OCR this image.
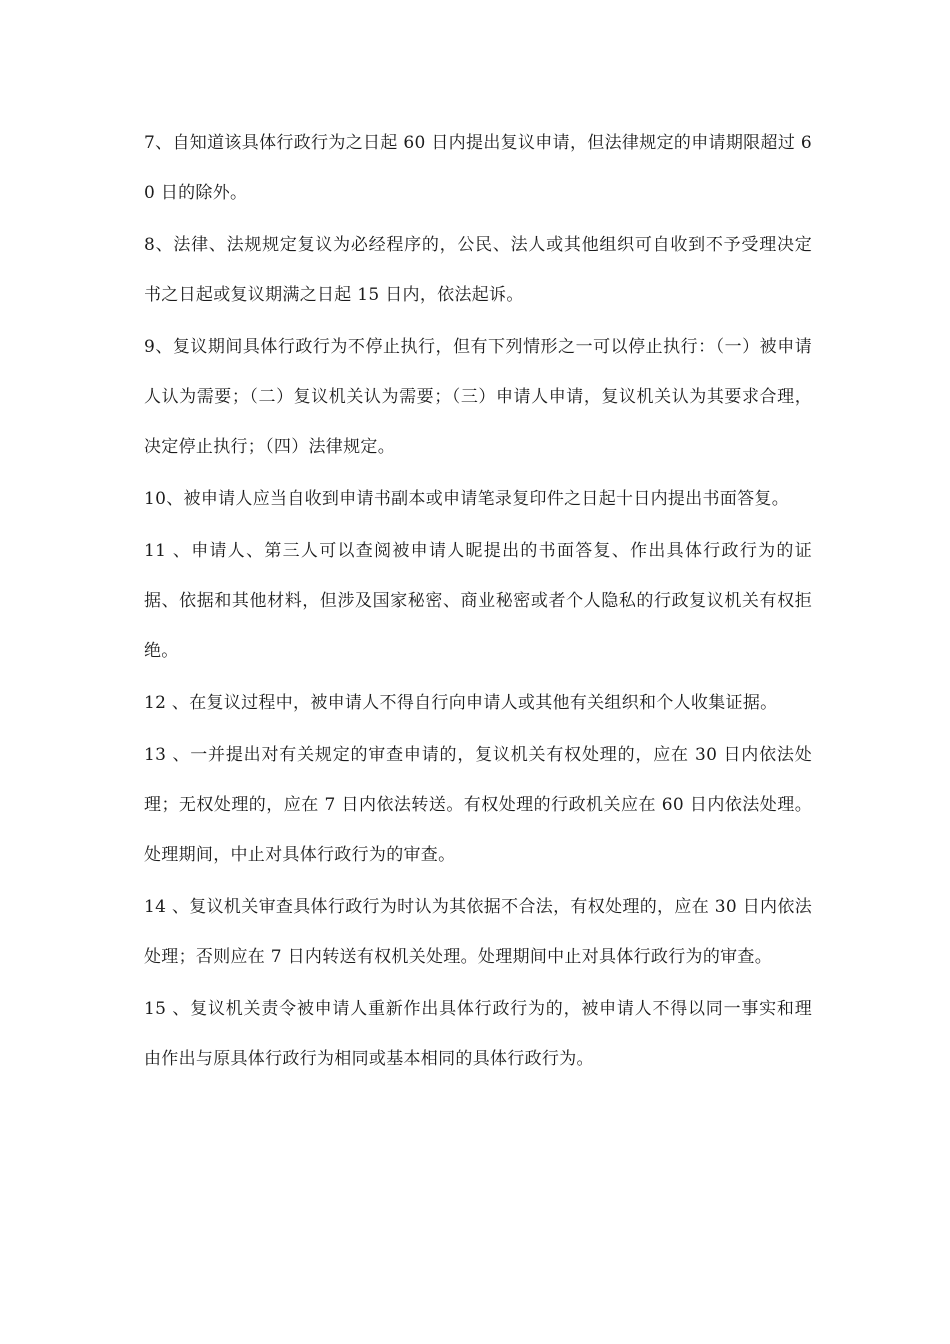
7、自知道该具体行政行为之日起 60 日内提出复议申请，但法律规定的申请期限超过 60 日的除外。

8、法律、法规规定复议为必经程序的，公民、法人或其他组织可自收到不予受理决定书之日起或复议期满之日起 15 日内，依法起诉。

9、复议期间具体行政行为不停止执行，但有下列情形之一可以停止执行：（一）被申请人认为需要；（二）复议机关认为需要；（三）申请人申请，复议机关认为其要求合理，决定停止执行；（四）法律规定。

10、被申请人应当自收到申请书副本或申请笔录复印件之日起十日内提出书面答复。

11 、申请人、第三人可以查阅被申请人昵提出的书面答复、作出具体行政行为的证据、依据和其他材料，但涉及国家秘密、商业秘密或者个人隐私的行政复议机关有权拒绝。

12 、在复议过程中，被申请人不得自行向申请人或其他有关组织和个人收集证据。

13 、一并提出对有关规定的审查申请的，复议机关有权处理的，应在 30 日内依法处理；无权处理的，应在 7 日内依法转送。有权处理的行政机关应在 60 日内依法处理。处理期间，中止对具体行政行为的审查。

14 、复议机关审查具体行政行为时认为其依据不合法，有权处理的，应在 30 日内依法处理；否则应在 7 日内转送有权机关处理。处理期间中止对具体行政行为的审查。

15 、复议机关责令被申请人重新作出具体行政行为的，被申请人不得以同一事实和理由作出与原具体行政行为相同或基本相同的具体行政行为。
